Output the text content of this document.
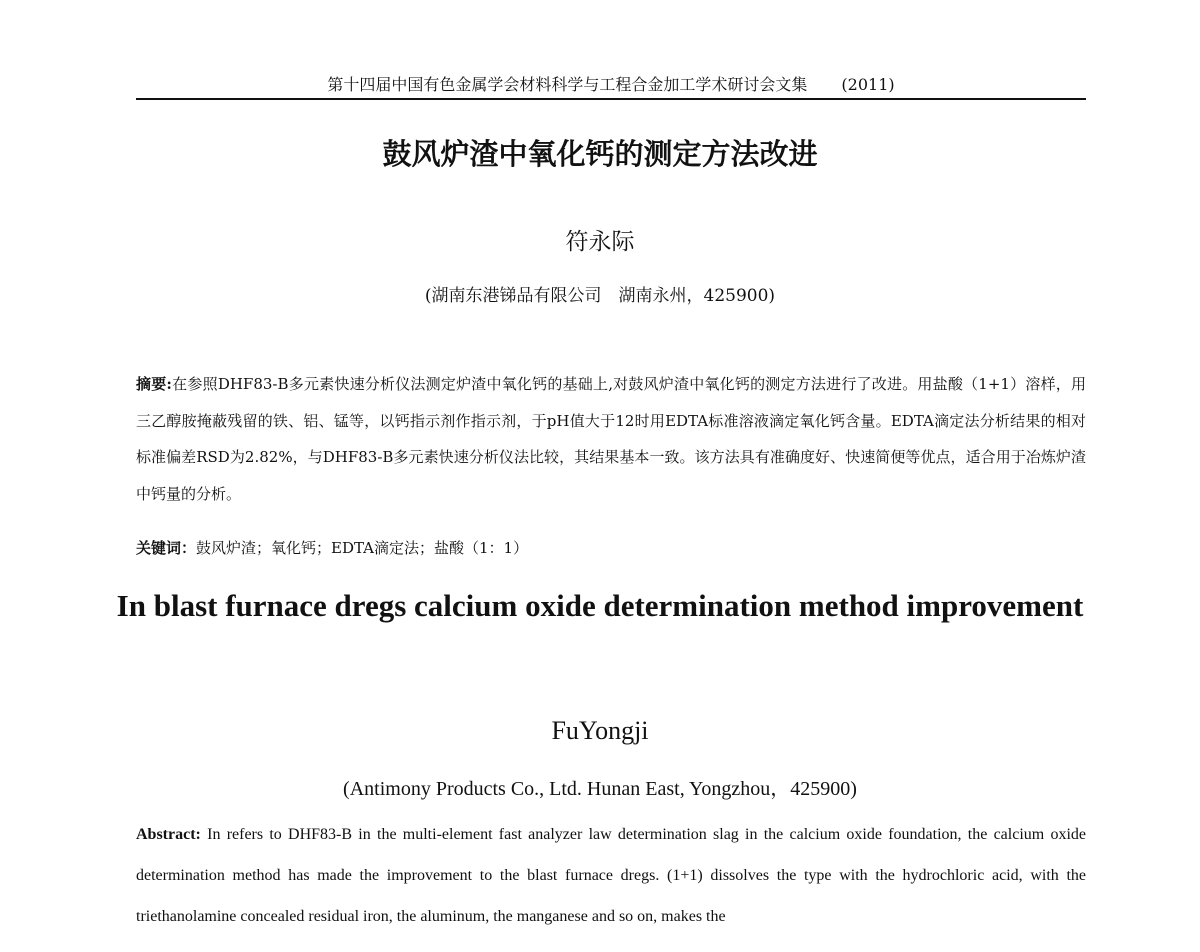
第十四届中国有色金属学会材料科学与工程合金加工学术研讨会文集 (2011)
鼓风炉渣中氧化钙的测定方法改进
符永际
(湖南东港锑品有限公司　湖南永州，425900)
摘要:在参照DHF83-B多元素快速分析仪法测定炉渣中氧化钙的基础上,对鼓风炉渣中氧化钙的测定方法进行了改进。用盐酸（1+1）溶样，用三乙醇胺掩蔽残留的铁、铝、锰等，以钙指示剂作指示剂，于pH值大于12时用EDTA标准溶液滴定氧化钙含量。EDTA滴定法分析结果的相对标准偏差RSD为2.82%，与DHF83-B多元素快速分析仪法比较，其结果基本一致。该方法具有准确度好、快速简便等优点，适合用于冶炼炉渣中钙量的分析。
关键词：鼓风炉渣；氧化钙；EDTA滴定法；盐酸（1：1）
In blast furnace dregs calcium oxide determination method improvement
FuYongji
(Antimony Products Co., Ltd. Hunan East, Yongzhou，425900)
Abstract: In refers to DHF83-B in the multi-element fast analyzer law determination slag in the calcium oxide foundation, the calcium oxide determination method has made the improvement to the blast furnace dregs. (1+1) dissolves the type with the hydrochloric acid, with the triethanolamine concealed residual iron, the aluminum, the manganese and so on, makes the
